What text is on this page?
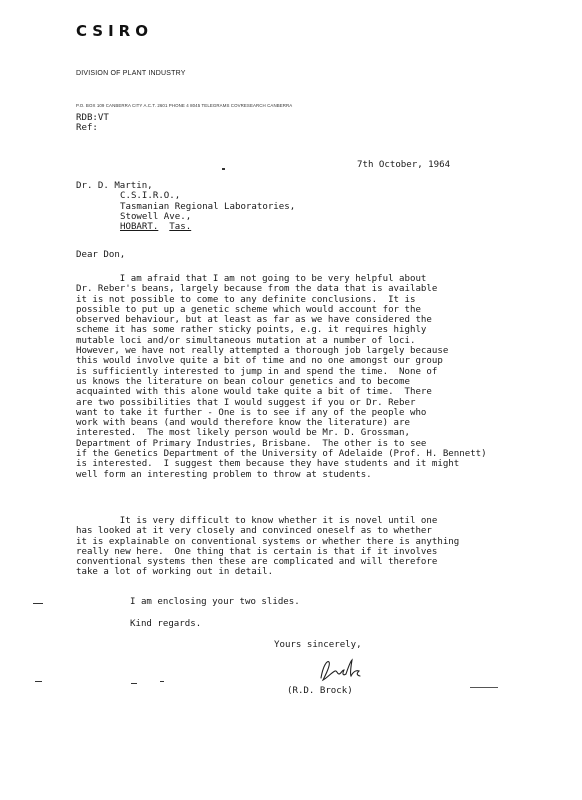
CSIRO
DIVISION OF PLANT INDUSTRY
P.O. BOX 109 CANBERRA CITY A.C.T. 2601 PHONE 4 8045 TELEGRAMS COVRESEARCH CANBERRA
RDB:VT
Ref:
7th October, 1964
Dr. D. Martin,
C.S.I.R.O.,
Tasmanian Regional Laboratories,
Stowell Ave.,
HOBART. Tas.
Dear Don,
I am afraid that I am not going to be very helpful about
Dr. Reber's beans, largely because from the data that is available
it is not possible to come to any definite conclusions.  It is
possible to put up a genetic scheme which would account for the
observed behaviour, but at least as far as we have considered the
scheme it has some rather sticky points, e.g. it requires highly
mutable loci and/or simultaneous mutation at a number of loci.
However, we have not really attempted a thorough job largely because
this would involve quite a bit of time and no one amongst our group
is sufficiently interested to jump in and spend the time.  None of
us knows the literature on bean colour genetics and to become
acquainted with this alone would take quite a bit of time.  There
are two possibilities that I would suggest if you or Dr. Reber
want to take it further - One is to see if any of the people who
work with beans (and would therefore know the literature) are
interested.  The most likely person would be Mr. D. Grossman,
Department of Primary Industries, Brisbane.  The other is to see
if the Genetics Department of the University of Adelaide (Prof. H. Bennett)
is interested.  I suggest them because they have students and it might
well form an interesting problem to throw at students.
It is very difficult to know whether it is novel until one
has looked at it very closely and convinced oneself as to whether
it is explainable on conventional systems or whether there is anything
really new here.  One thing that is certain is that if it involves
conventional systems then these are complicated and will therefore
take a lot of working out in detail.
I am enclosing your two slides.
Kind regards.
Yours sincerely,
(R.D. Brock)
